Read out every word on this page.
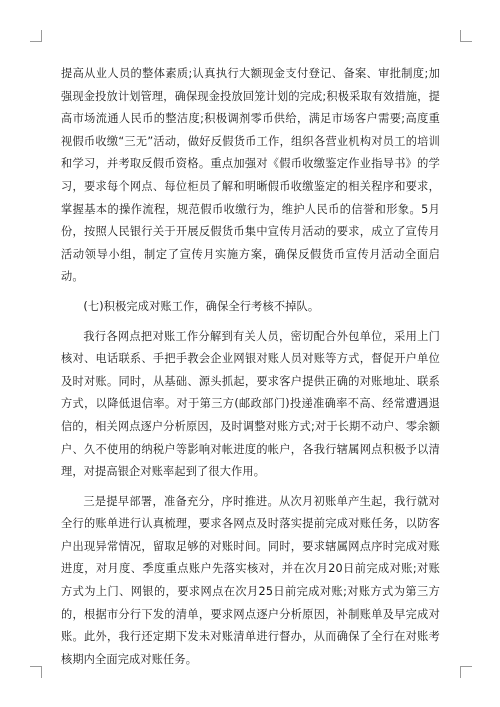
提高从业人员的整体素质;认真执行大额现金支付登记、备案、审批制度;加强现金投放计划管理，确保现金投放回笼计划的完成;积极采取有效措施，提高市场流通人民币的整洁度;积极调剂零币供给，满足市场客户需要;高度重视假币收缴“三无”活动，做好反假货币工作，组织各营业机构对员工的培训和学习，并考取反假币资格。重点加强对《假币收缴鉴定作业指导书》的学习，要求每个网点、每位柜员了解和明晰假币收缴鉴定的相关程序和要求，掌握基本的操作流程，规范假币收缴行为，维护人民币的信誉和形象。5月份，按照人民银行关于开展反假货币集中宣传月活动的要求，成立了宣传月活动领导小组，制定了宣传月实施方案，确保反假货币宣传月活动全面启动。

(七)积极完成对账工作，确保全行考核不掉队。

我行各网点把对账工作分解到有关人员，密切配合外包单位，采用上门核对、电话联系、手把手教会企业网银对账人员对账等方式，督促开户单位及时对账。同时，从基础、源头抓起，要求客户提供正确的对账地址、联系方式，以降低退信率。对于第三方(邮政部门)投递准确率不高、经常遭遇退信的，相关网点逐户分析原因，及时调整对账方式;对于长期不动户、零余额户、久不使用的纳税户等影响对帐进度的帐户，各我行辖属网点积极予以清理，对提高银企对账率起到了很大作用。

三是提早部署，准备充分，序时推进。从次月初账单产生起，我行就对全行的账单进行认真梳理，要求各网点及时落实提前完成对账任务，以防客户出现异常情况，留取足够的对账时间。同时，要求辖属网点序时完成对账进度，对月度、季度重点账户先落实核对，并在次月20日前完成对账;对账方式为上门、网银的，要求网点在次月25日前完成对账;对账方式为第三方的，根据市分行下发的清单，要求网点逐户分析原因，补制账单及早完成对账。此外，我行还定期下发未对账清单进行督办，从而确保了全行在对账考核期内全面完成对账任务。
